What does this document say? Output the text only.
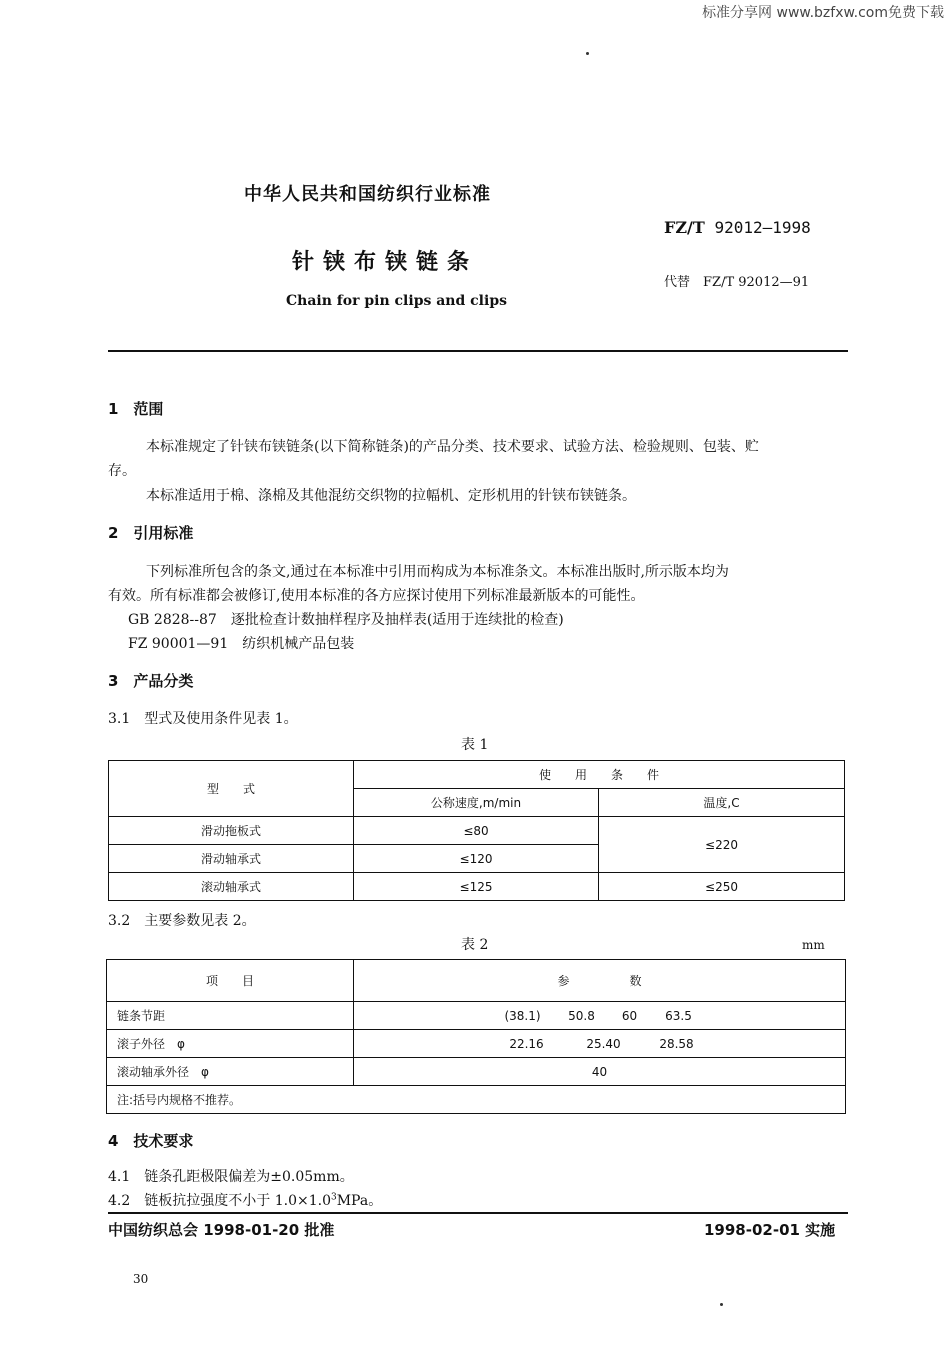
标准分享网 www.bzfxw.com免费下载
中华人民共和国纺织行业标准
FZ/T 92012—1998
针铗布铗链条
代替　 FZ/T 92012—91
Chain for pin clips and clips
1　范围
本标准规定了针铗布铗链条(以下简称链条)的产品分类、技术要求、试验方法、检验规则、包装、贮
存。
本标准适用于棉、涤棉及其他混纺交织物的拉幅机、定形机用的针铗布铗链条。
2　引用标准
下列标准所包含的条文,通过在本标准中引用而构成为本标准条文。本标准出版时,所示版本均为
有效。所有标准都会被修订,使用本标准的各方应探讨使用下列标准最新版本的可能性。
GB 2828--87　逐批检查计数抽样程序及抽样表(适用于连续批的检查)
FZ 90001—91　纺织机械产品包装
3　产品分类
3.1　型式及使用条件见表 1。
表 1
型　　式	使　　用　　条　　件	
	公称速度,m/min	温度,C
滑动拖板式	≤80	≤220
滑动轴承式	≤120	
滚动轴承式	≤125	≤250
3.2　主要参数见表 2。
表 2	mm
项　　目	参　　　　　数
链条节距	(38.1) 50.8 60 63.5
滚子外径　φ	22.16 25.40 28.58
滚动轴承外径　φ	40
注:括号内规格不推荐。	
4　技术要求
4.1　链条孔距极限偏差为±0.05mm。
4.2　链板抗拉强度不小于 $1.0\times 1.0^3MPa$。
中国纺织总会 1998-01-20 批准	1998-02-01 实施
30
